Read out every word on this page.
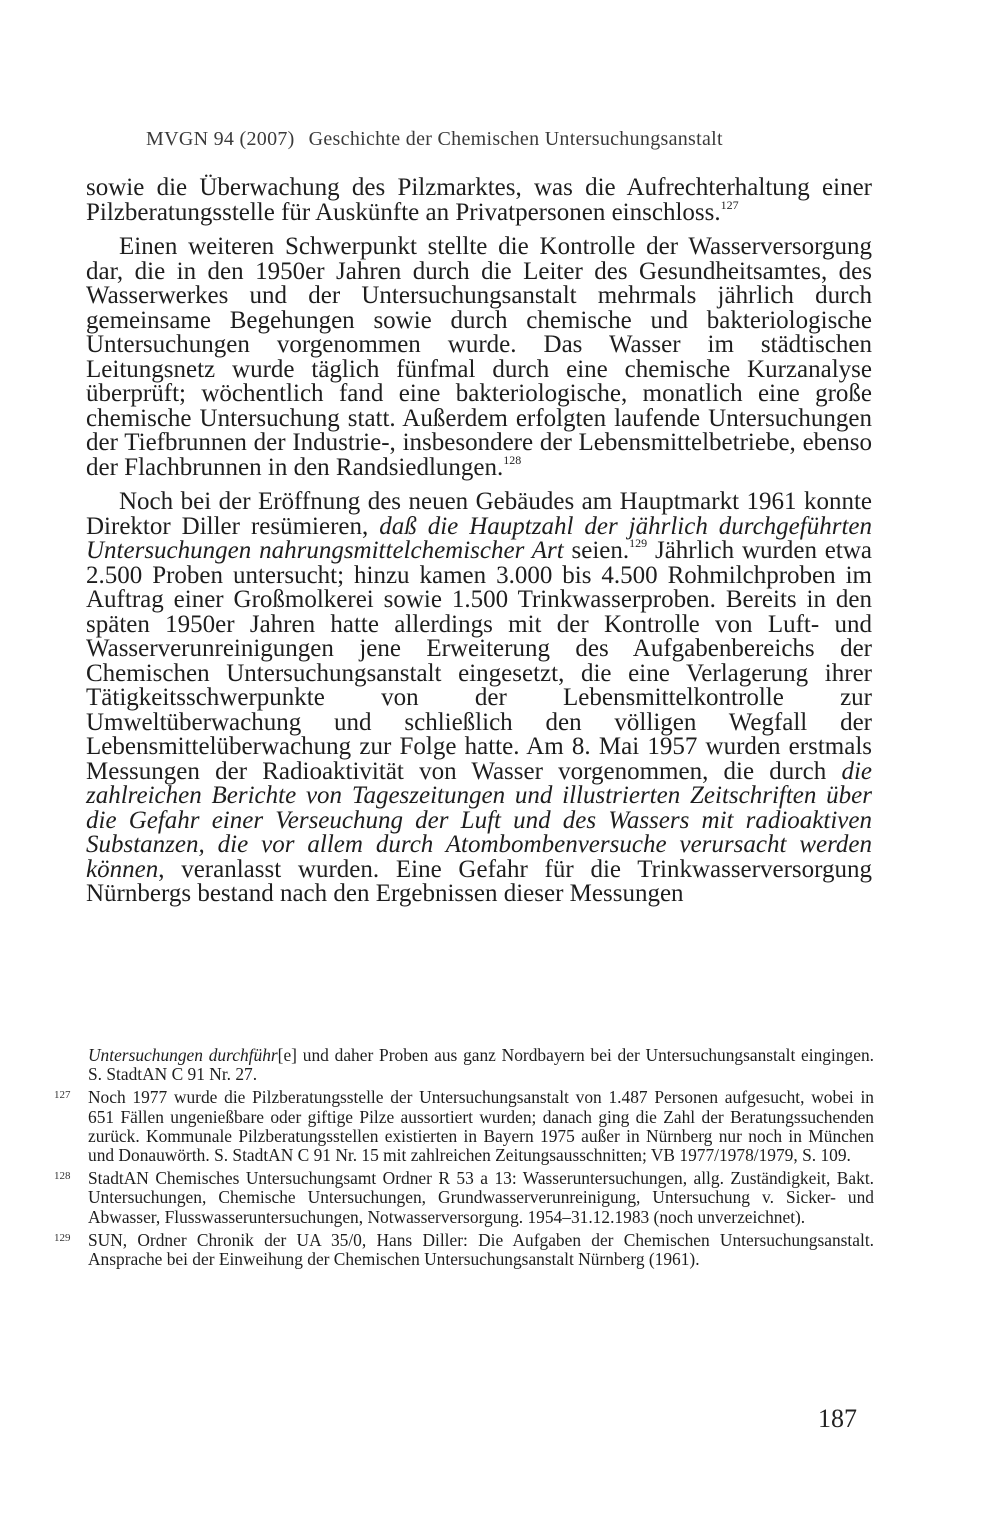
MVGN 94 (2007) Geschichte der Chemischen Untersuchungsanstalt

sowie die Überwachung des Pilzmarktes, was die Aufrechterhaltung einer Pilzberatungsstelle für Auskünfte an Privatpersonen einschloss.$^{127}$

Einen weiteren Schwerpunkt stellte die Kontrolle der Wasserversorgung dar, die in den 1950er Jahren durch die Leiter des Gesundheitsamtes, des Wasserwerkes und der Untersuchungsanstalt mehrmals jährlich durch gemeinsame Begehungen sowie durch chemische und bakteriologische Untersuchungen vorgenommen wurde. Das Wasser im städtischen Leitungsnetz wurde täglich fünfmal durch eine chemische Kurzanalyse überprüft; wöchentlich fand eine bakteriologische, monatlich eine große chemische Untersuchung statt. Außerdem erfolgten laufende Untersuchungen der Tiefbrunnen der Industrie-, insbesondere der Lebensmittelbetriebe, ebenso der Flachbrunnen in den Randsiedlungen.$^{128}$

Noch bei der Eröffnung des neuen Gebäudes am Hauptmarkt 1961 konnte Direktor Diller resümieren, daß die Hauptzahl der jährlich durchgeführten Untersuchungen nahrungsmittelchemischer Art seien.$^{129}$ Jährlich wurden etwa 2.500 Proben untersucht; hinzu kamen 3.000 bis 4.500 Rohmilchproben im Auftrag einer Großmolkerei sowie 1.500 Trinkwasserproben. Bereits in den späten 1950er Jahren hatte allerdings mit der Kontrolle von Luft- und Wasserverunreinigungen jene Erweiterung des Aufgabenbereichs der Chemischen Untersuchungsanstalt eingesetzt, die eine Verlagerung ihrer Tätigkeitsschwerpunkte von der Lebensmittelkontrolle zur Umweltüberwachung und schließlich den völligen Wegfall der Lebensmittelüberwachung zur Folge hatte. Am 8. Mai 1957 wurden erstmals Messungen der Radioaktivität von Wasser vorgenommen, die durch die zahlreichen Berichte von Tageszeitungen und illustrierten Zeitschriften über die Gefahr einer Verseuchung der Luft und des Wassers mit radioaktiven Substanzen, die vor allem durch Atombombenversuche verursacht werden können, veranlasst wurden. Eine Gefahr für die Trinkwasserversorgung Nürnbergs bestand nach den Ergebnissen dieser Messungen

Untersuchungen durchführ[e] und daher Proben aus ganz Nordbayern bei der Untersuchungsanstalt eingingen. S. StadtAN C 91 Nr. 27.
127 Noch 1977 wurde die Pilzberatungsstelle der Untersuchungsanstalt von 1.487 Personen aufgesucht, wobei in 651 Fällen ungenießbare oder giftige Pilze aussortiert wurden; danach ging die Zahl der Beratungssuchenden zurück. Kommunale Pilzberatungsstellen existierten in Bayern 1975 außer in Nürnberg nur noch in München und Donauwörth. S. StadtAN C 91 Nr. 15 mit zahlreichen Zeitungsausschnitten; VB 1977/1978/1979, S. 109.
128 StadtAN Chemisches Untersuchungsamt Ordner R 53 a 13: Wasseruntersuchungen, allg. Zuständigkeit, Bakt. Untersuchungen, Chemische Untersuchungen, Grundwasserverunreinigung, Untersuchung v. Sicker- und Abwasser, Flusswasseruntersuchungen, Notwasserversorgung. 1954–31.12.1983 (noch unverzeichnet).
129 SUN, Ordner Chronik der UA 35/0, Hans Diller: Die Aufgaben der Chemischen Untersuchungsanstalt. Ansprache bei der Einweihung der Chemischen Untersuchungsanstalt Nürnberg (1961).
187
